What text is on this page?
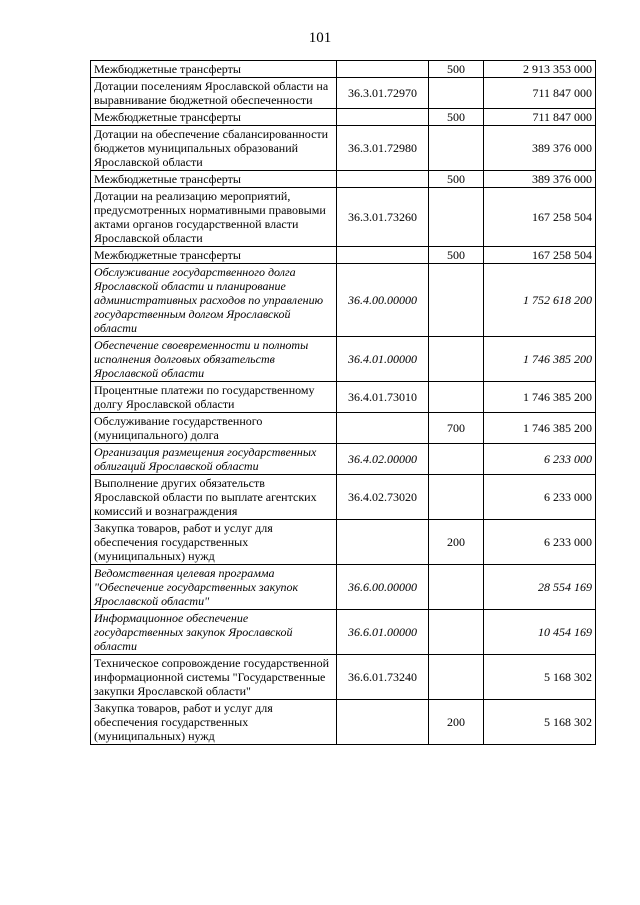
101
Межбюджетные трансферты		500	2 913 353 000
Дотации поселениям Ярославской области на выравнивание бюджетной обеспеченности	36.3.01.72970		711 847 000
Межбюджетные трансферты		500	711 847 000
Дотации на обеспечение сбалансированности бюджетов муниципальных образований Ярославской области	36.3.01.72980		389 376 000
Межбюджетные трансферты		500	389 376 000
Дотации на реализацию мероприятий, предусмотренных нормативными правовыми актами органов государственной власти Ярославской области	36.3.01.73260		167 258 504
Межбюджетные трансферты		500	167 258 504
Обслуживание государственного долга Ярославской области и планирование административных расходов по управлению государственным долгом Ярославской области	36.4.00.00000		1 752 618 200
Обеспечение своевременности и полноты исполнения долговых обязательств Ярославской области	36.4.01.00000		1 746 385 200
Процентные платежи по государственному долгу Ярославской области	36.4.01.73010		1 746 385 200
Обслуживание государственного (муниципального) долга		700	1 746 385 200
Организация размещения государственных облигаций Ярославской области	36.4.02.00000		6 233 000
Выполнение других обязательств Ярославской области по выплате агентских комиссий и вознаграждения	36.4.02.73020		6 233 000
Закупка товаров, работ и услуг для обеспечения государственных (муниципальных) нужд		200	6 233 000
Ведомственная целевая программа "Обеспечение государственных закупок Ярославской области"	36.6.00.00000		28 554 169
Информационное обеспечение государственных закупок Ярославской области	36.6.01.00000		10 454 169
Техническое сопровождение государственной информационной системы "Государственные закупки Ярославской области"	36.6.01.73240		5 168 302
Закупка товаров, работ и услуг для обеспечения государственных (муниципальных) нужд		200	5 168 302
